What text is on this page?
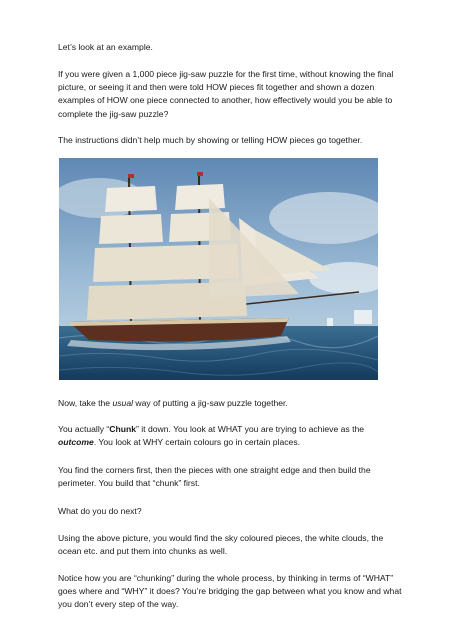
Let’s look at an example.

If you were given a 1,000 piece jig-saw puzzle for the first time, without knowing the final picture, or seeing it and then were told HOW pieces fit together and shown a dozen examples of HOW one piece connected to another, how effectively would you be able to complete the jig-saw puzzle?

The instructions didn’t help much by showing or telling HOW pieces go together.

Now, take the usual way of putting a jig-saw puzzle together.

You actually “Chunk” it down. You look at WHAT you are trying to achieve as the outcome. You look at WHY certain colours go in certain places.

You find the corners first, then the pieces with one straight edge and then build the perimeter. You build that “chunk” first.

What do you do next?

Using the above picture, you would find the sky coloured pieces, the white clouds, the ocean etc. and put them into chunks as well.

Notice how you are “chunking” during the whole process, by thinking in terms of “WHAT” goes where and “WHY” it does? You’re bridging the gap between what you know and what you don’t every step of the way.
